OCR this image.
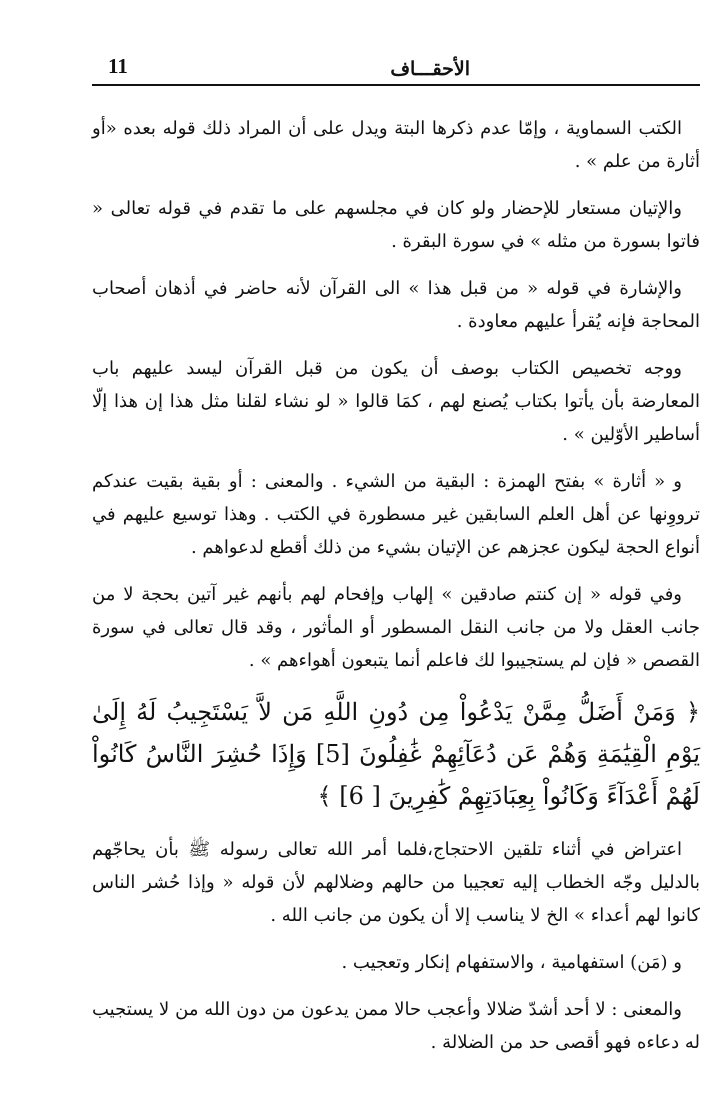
الأحقـــاف
11

الكتب السماوية ، وإمّا عدم ذكرها البتة ويدل على أن المراد ذلك قوله بعده «أو أثارة من علم » .

والإتيان مستعار للإحضار ولو كان في مجلسهم على ما تقدم في قوله تعالى « فاتوا بسورة من مثله » في سورة البقرة .

والإشارة في قوله « من قبل هذا » الى القرآن لأنه حاضر في أذهان أصحاب المحاجة فإنه يُقرأ عليهم معاودة .

ووجه تخصيص الكتاب بوصف أن يكون من قبل القرآن ليسد عليهم باب المعارضة بأن يأتوا بكتاب يُصنع لهم ، كمَا قالوا « لو نشاء لقلنا مثل هذا إن هذا إلّا أساطير الأوّلين » .

و « أثارة » بفتح الهمزة : البقية من الشيء . والمعنى : أو بقية بقيت عندكم ترووِنها عن أهل العلم السابقين غير مسطورة في الكتب . وهذا توسيع عليهم في أنواع الحجة ليكون عجزهم عن الإتيان بشيء من ذلك أقطع لدعواهم .

وفي قوله « إن كنتم صادقين » إلهاب وإفحام لهم بأنهم غير آتين بحجة لا من جانب العقل ولا من جانب النقل المسطور أو المأثور ، وقد قال تعالى في سورة القصص « فإن لم يستجيبوا لك فاعلم أنما يتبعون أهواءهم » .

﴿ وَمَنْ أَضَلُّ مِمَّنْ يَدْعُواْ مِن دُونِ اللَّهِ مَن لاَّ يَسْتَجِيبُ لَهُ إِلَىٰ يَوْمِ الْقِيَٰمَةِ وَهُمْ عَن دُعَآئِهِمْ غَٰفِلُونَ [5] وَإِذَا حُشِرَ النَّاسُ كَانُواْ لَهُمْ أَعْدَآءً وَكَانُواْ بِعِبَادَتِهِمْ كَٰفِرِينَ [ 6] ﴾

اعتراض في أثناء تلقين الاحتجاج،فلما أمر الله تعالى رسوله ﷺ بأن يحاجّهم بالدليل وجّه الخطاب إليه تعجيبا من حالهم وضلالهم لأن قوله « وإذا حُشر الناس كانوا لهم أعداء » الخ لا يناسب إلا أن يكون من جانب الله .

و (مَن) استفهامية ، والاستفهام إنكار وتعجيب .

والمعنى : لا أحد أشدّ ضلالا وأعجب حالا ممن يدعون من دون الله من لا يستجيب له دعاءه فهو أقصى حد من الضلالة .
